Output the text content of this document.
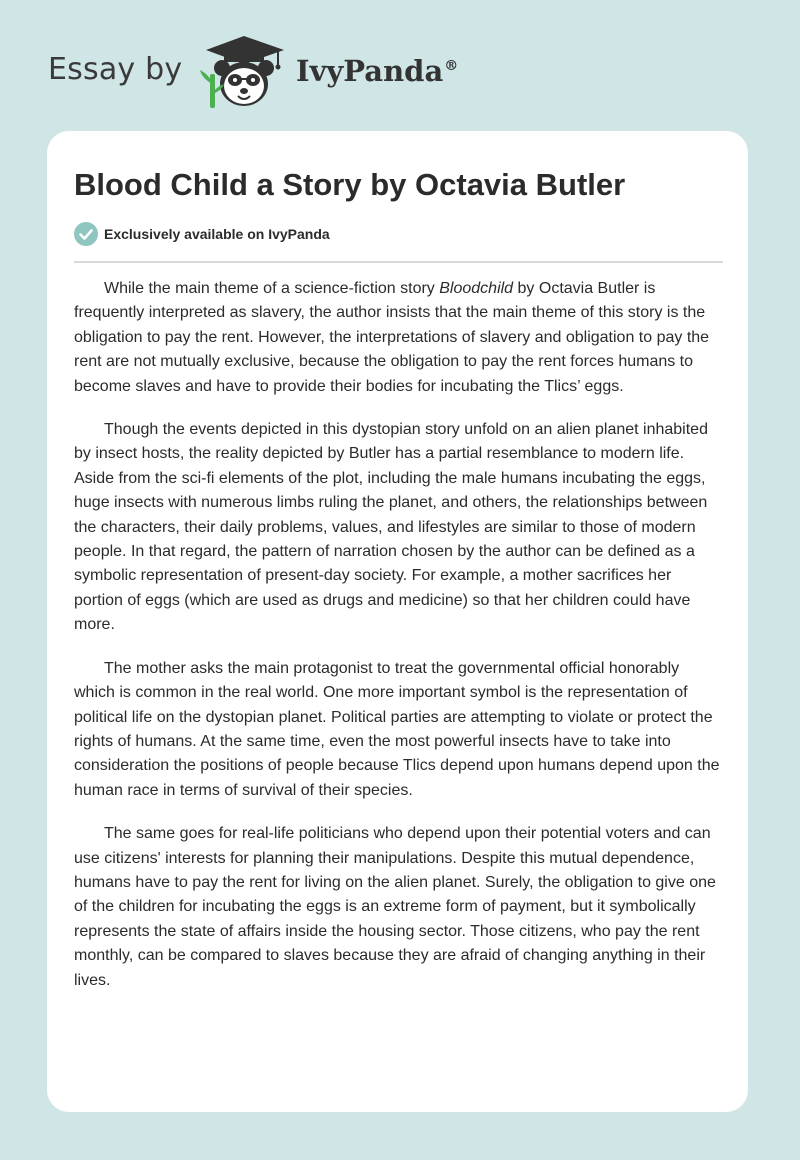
Essay by	IvyPanda®
Blood Child a Story by Octavia Butler
Exclusively available on IvyPanda

While the main theme of a science-fiction story Bloodchild by Octavia Butler is frequently interpreted as slavery, the author insists that the main theme of this story is the obligation to pay the rent. However, the interpretations of slavery and obligation to pay the rent are not mutually exclusive, because the obligation to pay the rent forces humans to become slaves and have to provide their bodies for incubating the Tlics’ eggs.

Though the events depicted in this dystopian story unfold on an alien planet inhabited by insect hosts, the reality depicted by Butler has a partial resemblance to modern life. Aside from the sci-fi elements of the plot, including the male humans incubating the eggs, huge insects with numerous limbs ruling the planet, and others, the relationships between the characters, their daily problems, values, and lifestyles are similar to those of modern people. In that regard, the pattern of narration chosen by the author can be defined as a symbolic representation of present-day society. For example, a mother sacrifices her portion of eggs (which are used as drugs and medicine) so that her children could have more.

The mother asks the main protagonist to treat the governmental official honorably which is common in the real world. One more important symbol is the representation of political life on the dystopian planet. Political parties are attempting to violate or protect the rights of humans. At the same time, even the most powerful insects have to take into consideration the positions of people because Tlics depend upon humans depend upon the human race in terms of survival of their species.

The same goes for real-life politicians who depend upon their potential voters and can use citizens' interests for planning their manipulations. Despite this mutual dependence, humans have to pay the rent for living on the alien planet. Surely, the obligation to give one of the children for incubating the eggs is an extreme form of payment, but it symbolically represents the state of affairs inside the housing sector. Those citizens, who pay the rent monthly, can be compared to slaves because they are afraid of changing anything in their lives.
